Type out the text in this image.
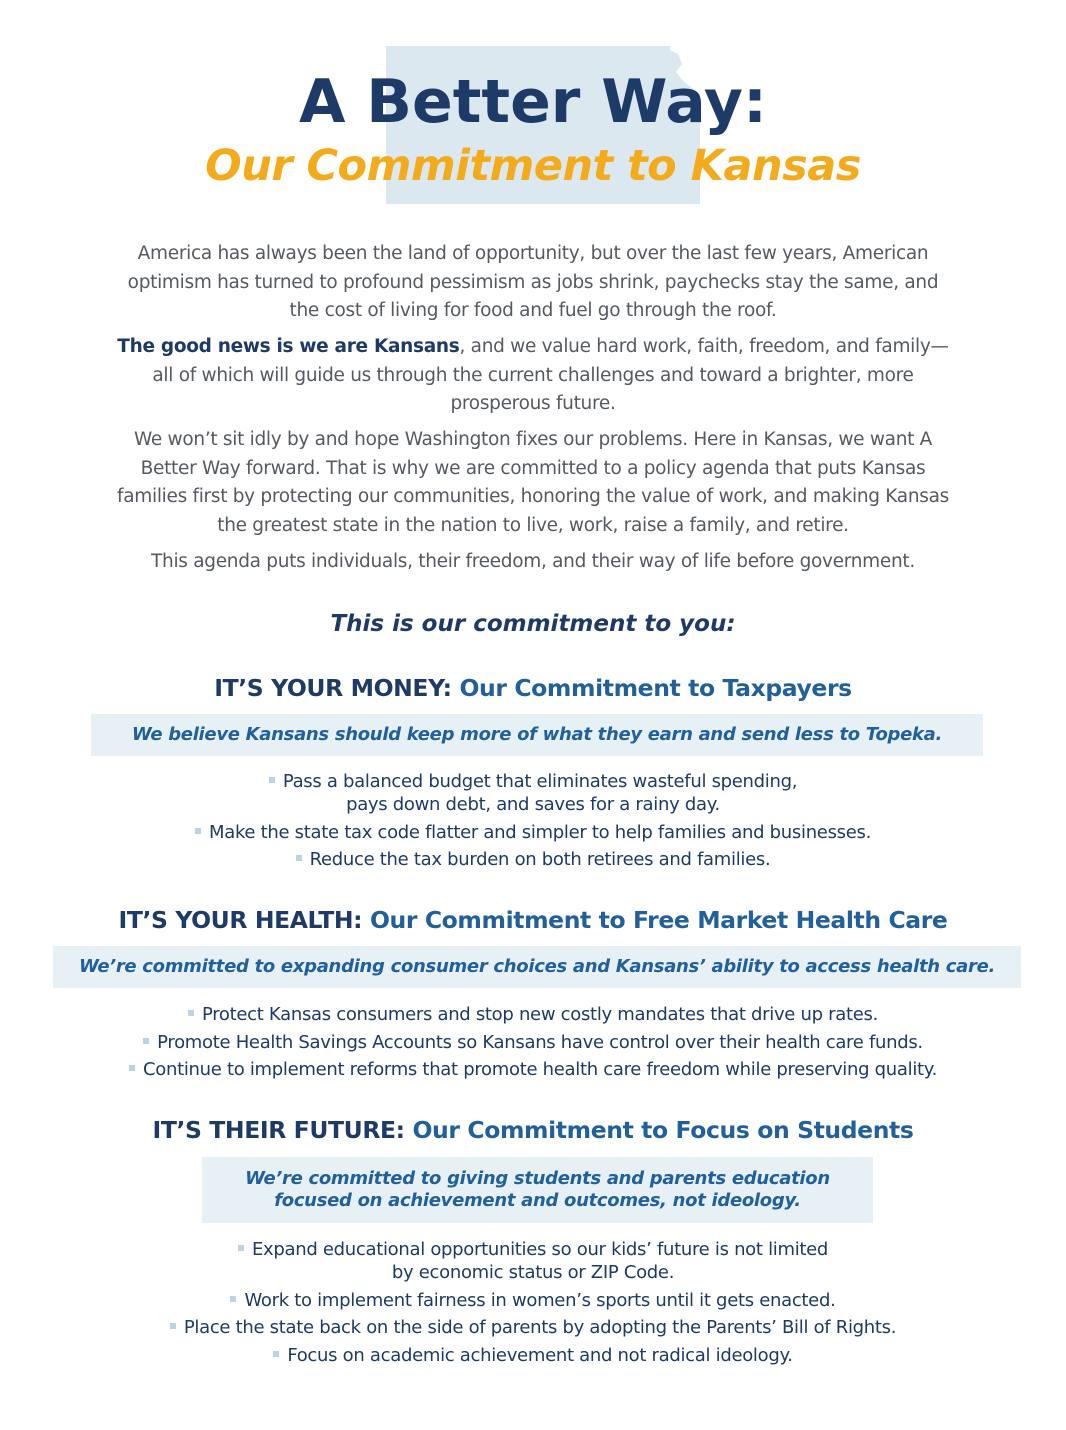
A Better Way:
Our Commitment to Kansas
America has always been the land of opportunity, but over the last few years, American optimism has turned to profound pessimism as jobs shrink, paychecks stay the same, and the cost of living for food and fuel go through the roof.
The good news is we are Kansans, and we value hard work, faith, freedom, and family—all of which will guide us through the current challenges and toward a brighter, more prosperous future.
We won’t sit idly by and hope Washington fixes our problems. Here in Kansas, we want A Better Way forward. That is why we are committed to a policy agenda that puts Kansas families first by protecting our communities, honoring the value of work, and making Kansas the greatest state in the nation to live, work, raise a family, and retire.
This agenda puts individuals, their freedom, and their way of life before government.
This is our commitment to you:
IT’S YOUR MONEY: Our Commitment to Taxpayers
We believe Kansans should keep more of what they earn and send less to Topeka.
Pass a balanced budget that eliminates wasteful spending,
pays down debt, and saves for a rainy day.
Make the state tax code flatter and simpler to help families and businesses.
Reduce the tax burden on both retirees and families.
IT’S YOUR HEALTH: Our Commitment to Free Market Health Care
We’re committed to expanding consumer choices and Kansans’ ability to access health care.
Protect Kansas consumers and stop new costly mandates that drive up rates.
Promote Health Savings Accounts so Kansans have control over their health care funds.
Continue to implement reforms that promote health care freedom while preserving quality.
IT’S THEIR FUTURE: Our Commitment to Focus on Students
We’re committed to giving students and parents education
focused on achievement and outcomes, not ideology.
Expand educational opportunities so our kids’ future is not limited
by economic status or ZIP Code.
Work to implement fairness in women’s sports until it gets enacted.
Place the state back on the side of parents by adopting the Parents’ Bill of Rights.
Focus on academic achievement and not radical ideology.
